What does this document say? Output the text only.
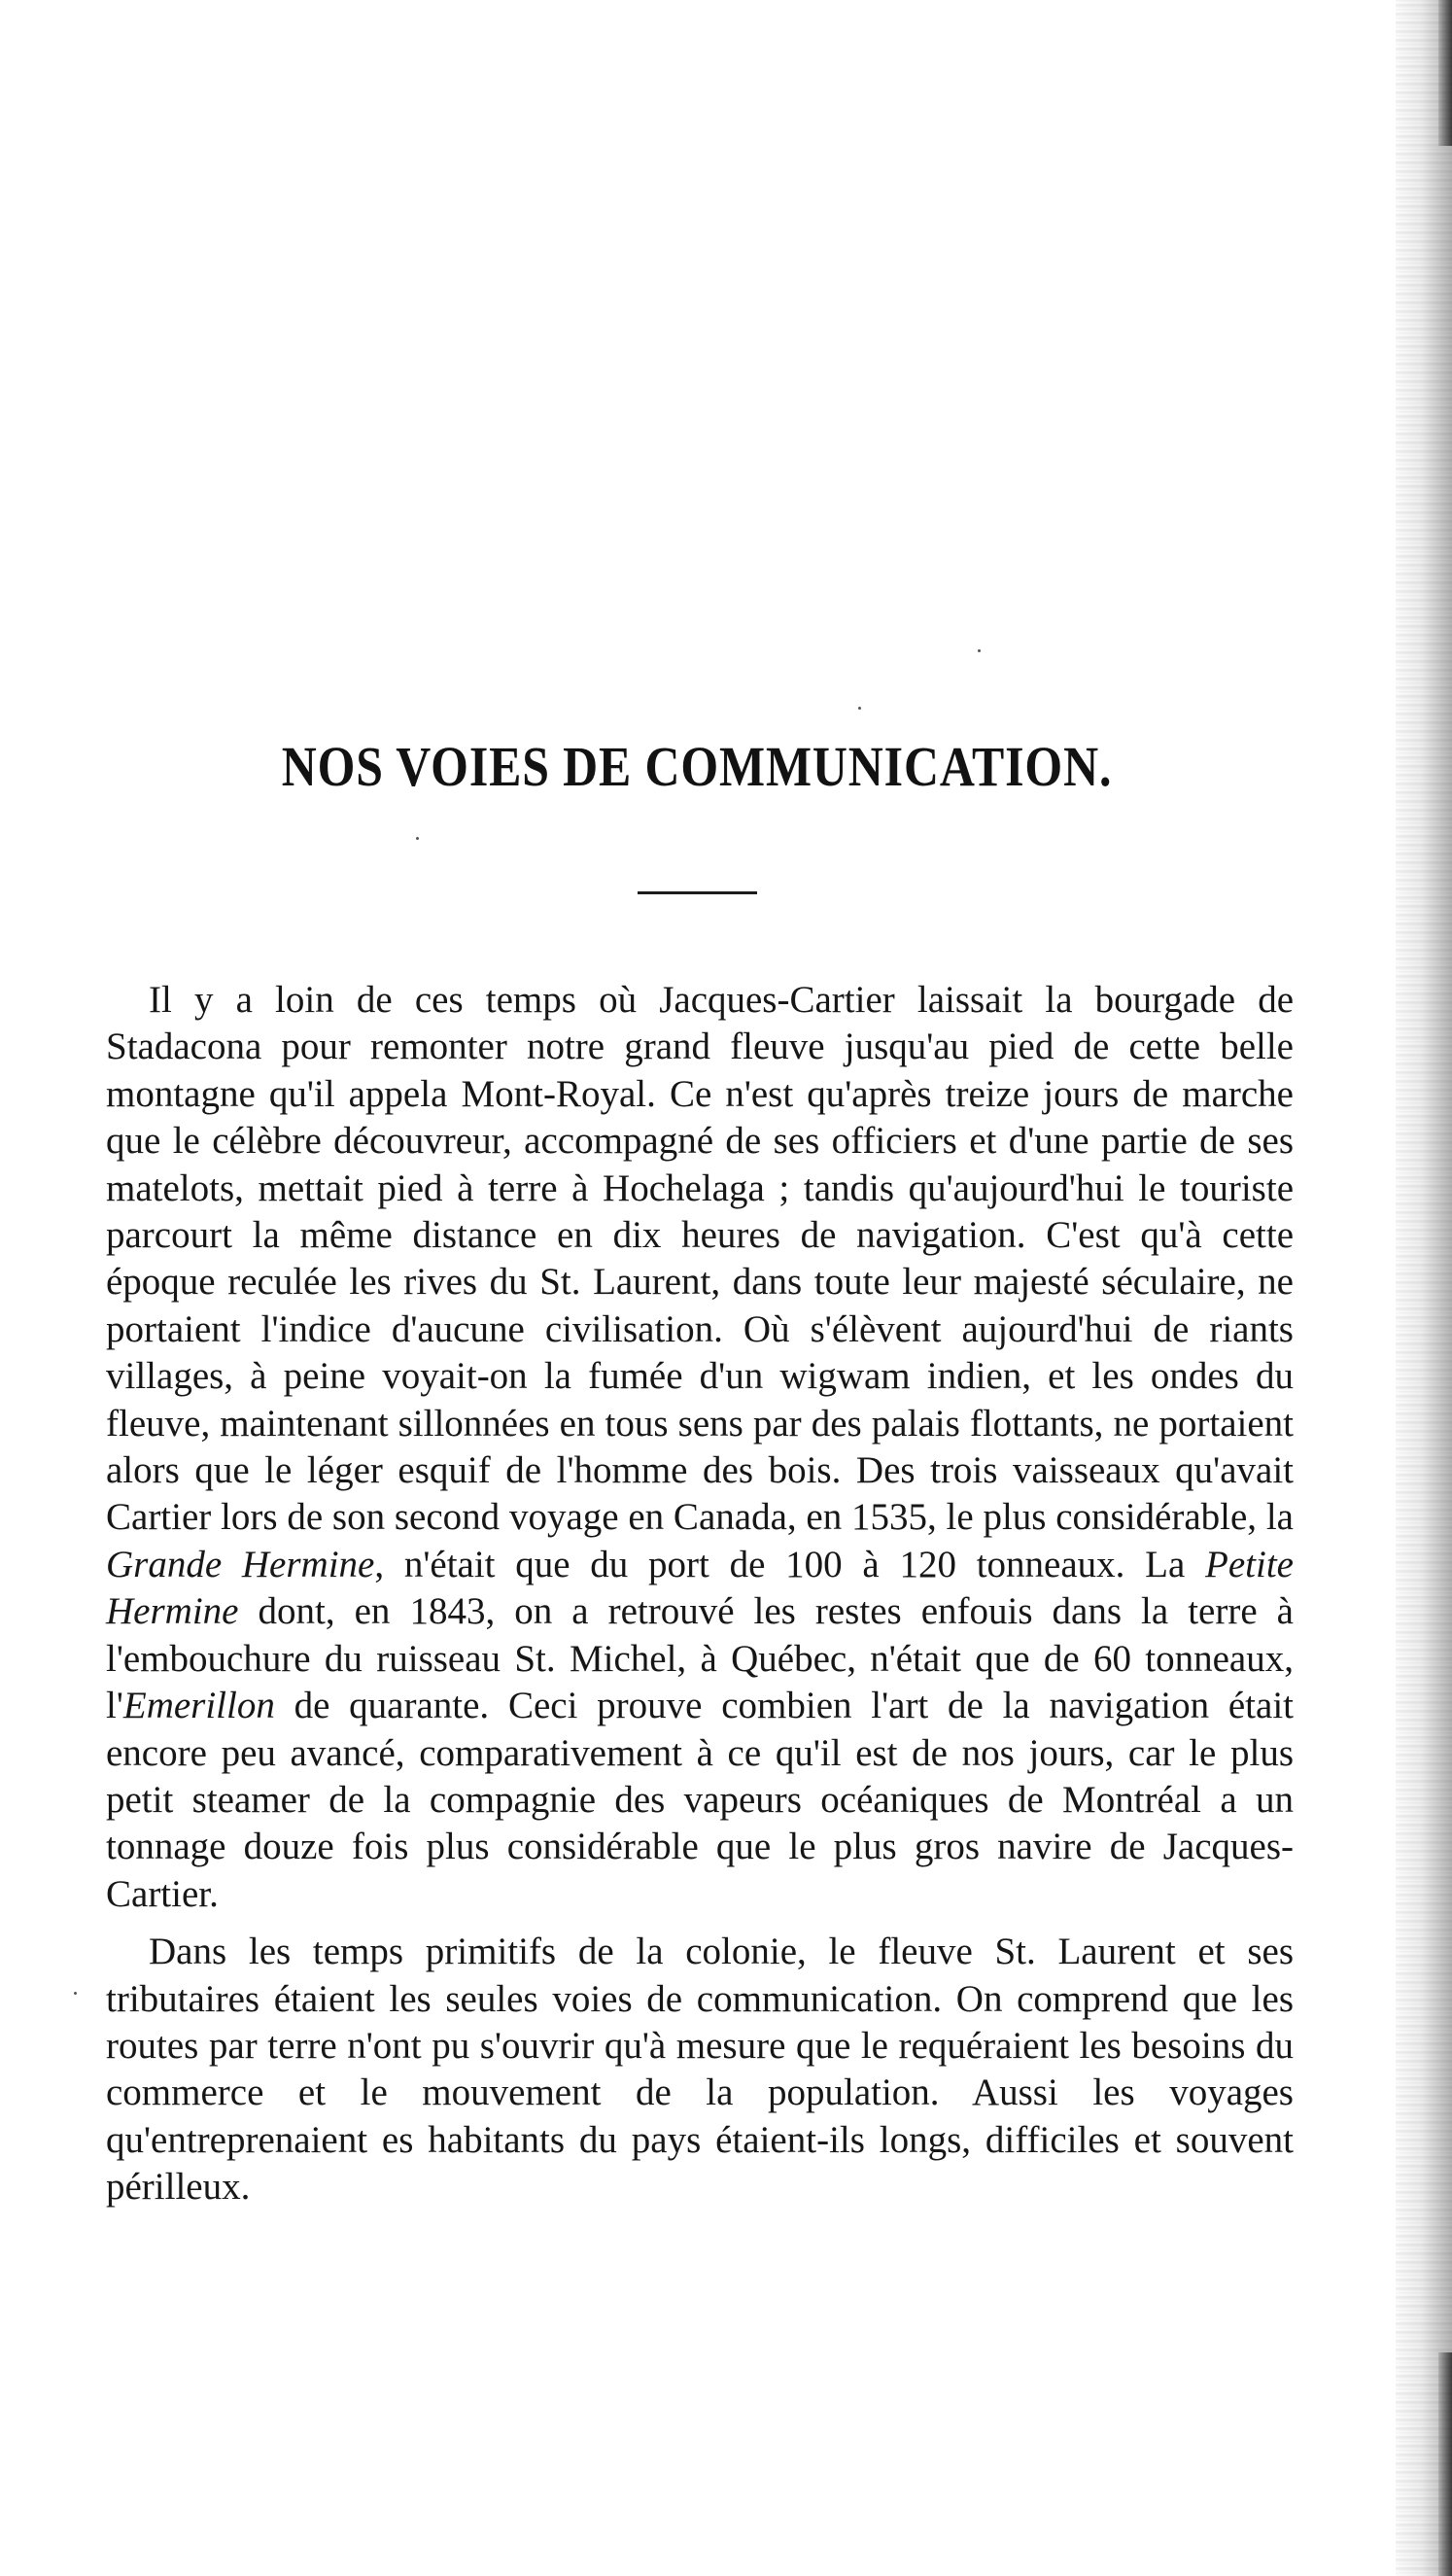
NOS VOIES DE COMMUNICATION.

Il y a loin de ces temps où Jacques-Cartier laissait la bourgade de Stadacona pour remonter notre grand fleuve jusqu'au pied de cette belle montagne qu'il appela Mont-Royal. Ce n'est qu'après treize jours de marche que le célèbre découvreur, accompagné de ses officiers et d'une partie de ses matelots, mettait pied à terre à Hochelaga ; tandis qu'aujourd'hui le touriste parcourt la même distance en dix heures de navigation. C'est qu'à cette époque reculée les rives du St. Laurent, dans toute leur majesté séculaire, ne portaient l'indice d'aucune civilisation. Où s'élèvent aujourd'hui de riants villages, à peine voyait-on la fumée d'un wigwam indien, et les ondes du fleuve, maintenant sillonnées en tous sens par des palais flottants, ne portaient alors que le léger esquif de l'homme des bois. Des trois vaisseaux qu'avait Cartier lors de son second voyage en Canada, en 1535, le plus considérable, la Grande Hermine, n'était que du port de 100 à 120 tonneaux. La Petite Hermine dont, en 1843, on a retrouvé les restes enfouis dans la terre à l'embouchure du ruisseau St. Michel, à Québec, n'était que de 60 tonneaux, l'Emerillon de quarante. Ceci prouve combien l'art de la navigation était encore peu avancé, comparativement à ce qu'il est de nos jours, car le plus petit steamer de la compagnie des vapeurs océaniques de Montréal a un tonnage douze fois plus considérable que le plus gros navire de Jacques-Cartier.

Dans les temps primitifs de la colonie, le fleuve St. Laurent et ses tributaires étaient les seules voies de communication. On comprend que les routes par terre n'ont pu s'ouvrir qu'à mesure que le requéraient les besoins du commerce et le mouvement de la population. Aussi les voyages qu'entreprenaient es habitants du pays étaient-ils longs, difficiles et souvent périlleux.
